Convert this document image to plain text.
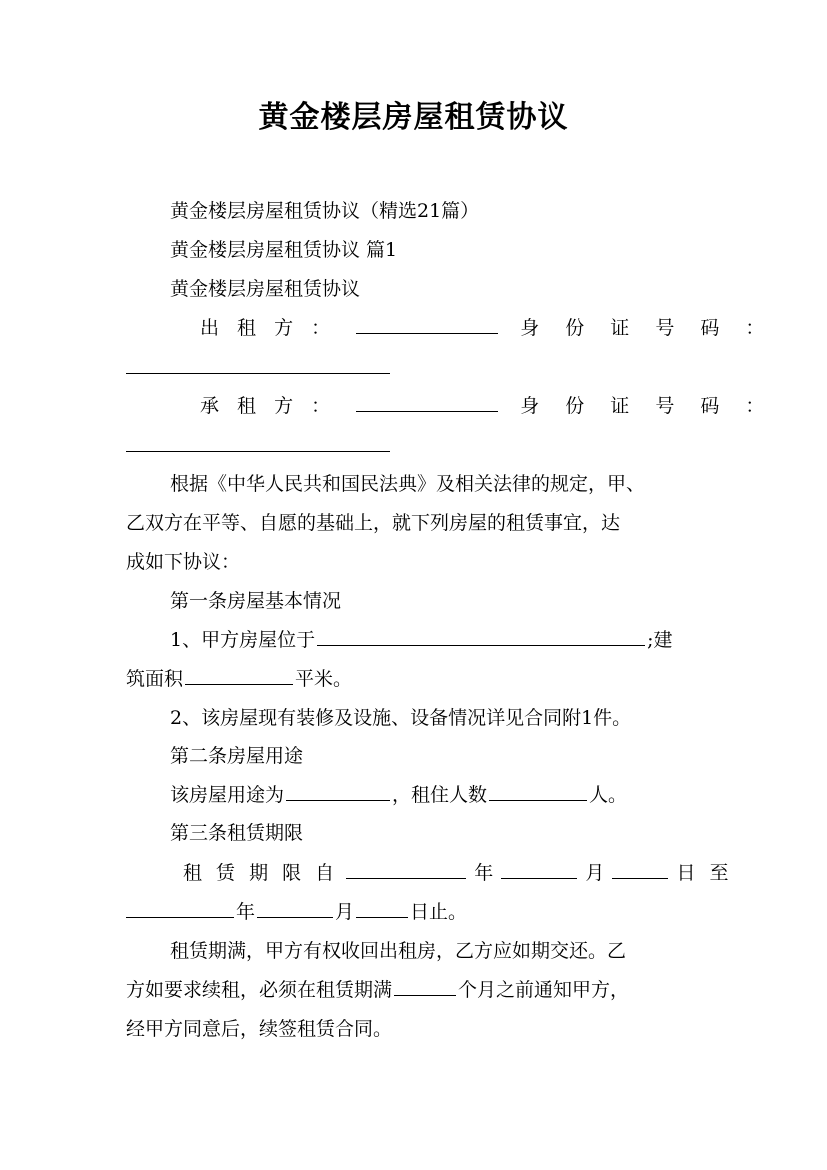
黄金楼层房屋租赁协议
黄金楼层房屋租赁协议（精选21篇）
黄金楼层房屋租赁协议 篇1
黄金楼层房屋租赁协议
出 租 方 ：	身 份 证 号 码 ：
承 租 方 ：	身 份 证 号 码 ：
根据《中华人民共和国民法典》及相关法律的规定，甲、
乙双方在平等、自愿的基础上，就下列房屋的租赁事宜，达
成如下协议：
第一条房屋基本情况
1、甲方房屋位于	;建
筑面积	平米。
2、该房屋现有装修及设施、设备情况详见合同附1件。
第二条房屋用途
该房屋用途为	，租住人数	人。
第三条租赁期限
租 赁 期 限 自	年	月	日 至
年	月	日止。
租赁期满，甲方有权收回出租房，乙方应如期交还。乙
方如要求续租，必须在租赁期满	个月之前通知甲方，
经甲方同意后，续签租赁合同。
